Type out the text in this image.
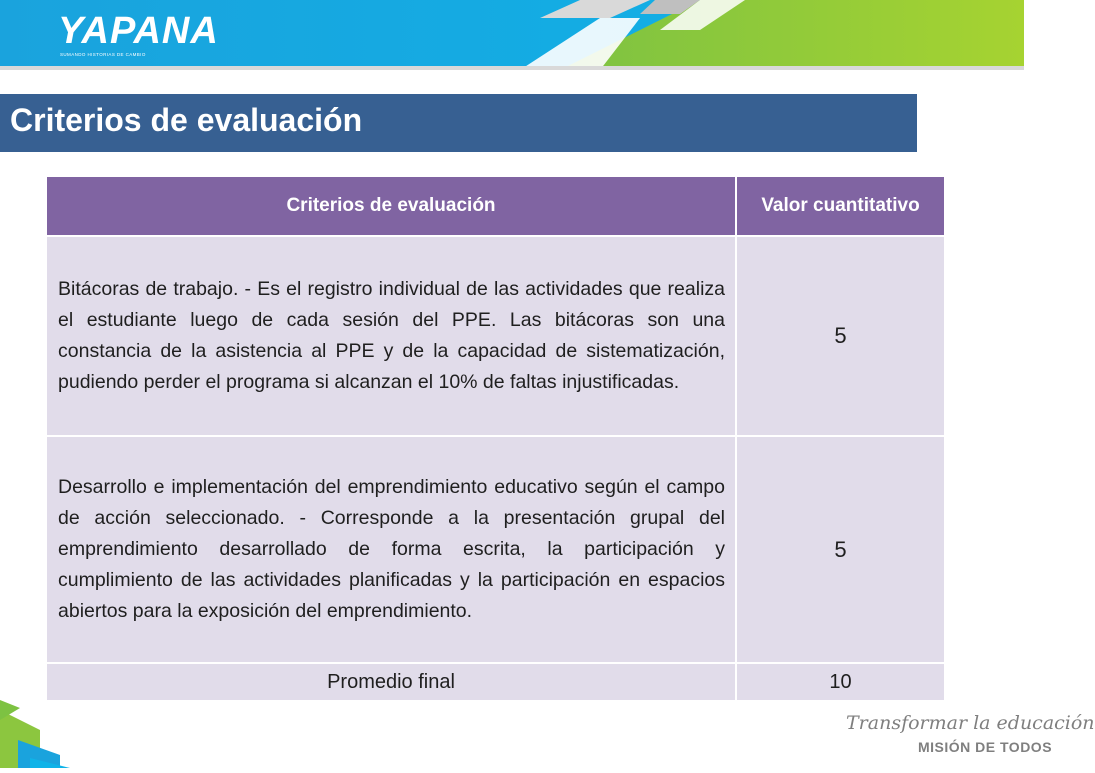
YAPANA
SUMANDO HISTORIAS DE CAMBIO
Criterios de evaluación
Criterios de evaluación	Valor cuantitativo
Bitácoras de trabajo. - Es el registro individual de las actividades que realiza el estudiante luego de cada sesión del PPE. Las bitácoras son una constancia de la asistencia al PPE y de la capacidad de sistematización, pudiendo perder el programa si alcanzan el 10% de faltas injustificadas.	5
Desarrollo e implementación del emprendimiento educativo según el campo de acción seleccionado. - Corresponde a la presentación grupal del emprendimiento desarrollado de forma escrita, la participación y cumplimiento de las actividades planificadas y la participación en espacios abiertos para la exposición del emprendimiento.	5
Promedio final	10
Transformar la educación
MISIÓN DE TODOS
